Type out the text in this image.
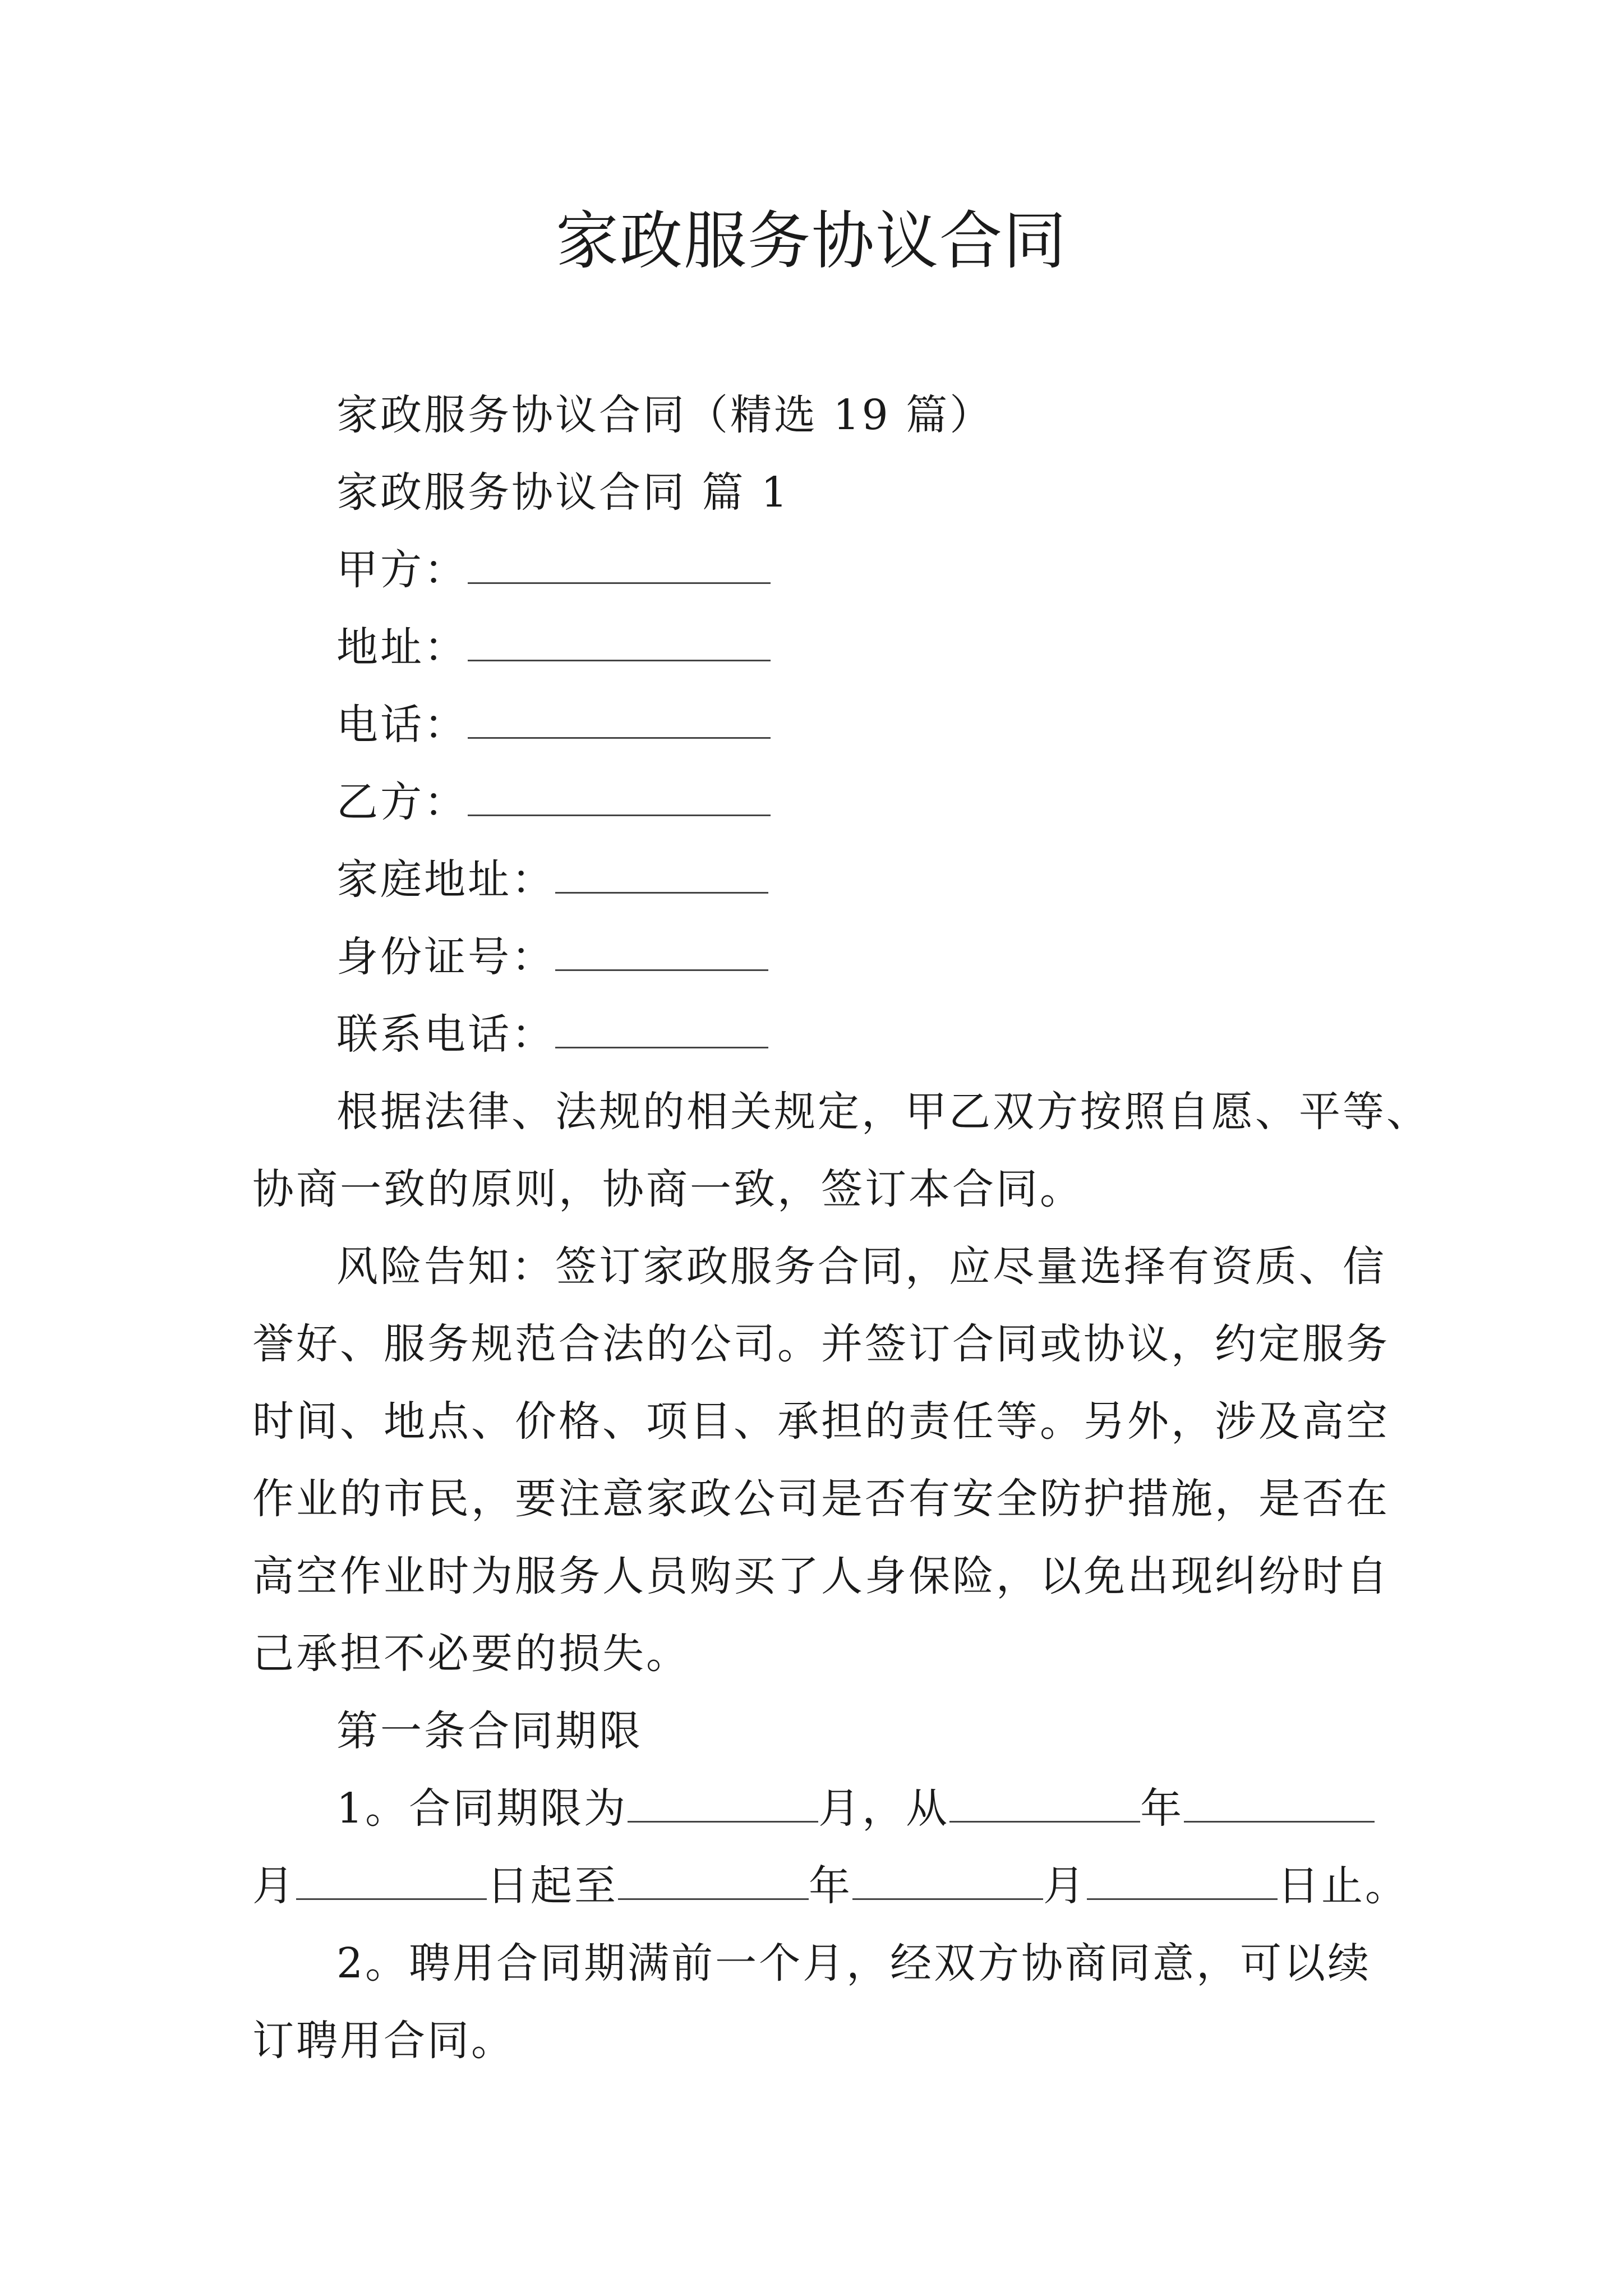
家政服务协议合同
家政服务协议合同（精选 19 篇）
家政服务协议合同 篇 1
甲方：
地址：
电话：
乙方：
家庭地址：
身份证号：
联系电话：
根据法律、法规的相关规定，甲乙双方按照自愿、平等、
协商一致的原则，协商一致，签订本合同。
风险告知：签订家政服务合同，应尽量选择有资质、信
誉好、服务规范合法的公司。并签订合同或协议，约定服务
时间、地点、价格、项目、承担的责任等。另外，涉及高空
作业的市民，要注意家政公司是否有安全防护措施，是否在
高空作业时为服务人员购买了人身保险，以免出现纠纷时自
己承担不必要的损失。
第一条合同期限
1。合同期限为	月，从	年
月	日起至	年	月	日止。
2。聘用合同期满前一个月，经双方协商同意，可以续
订聘用合同。
